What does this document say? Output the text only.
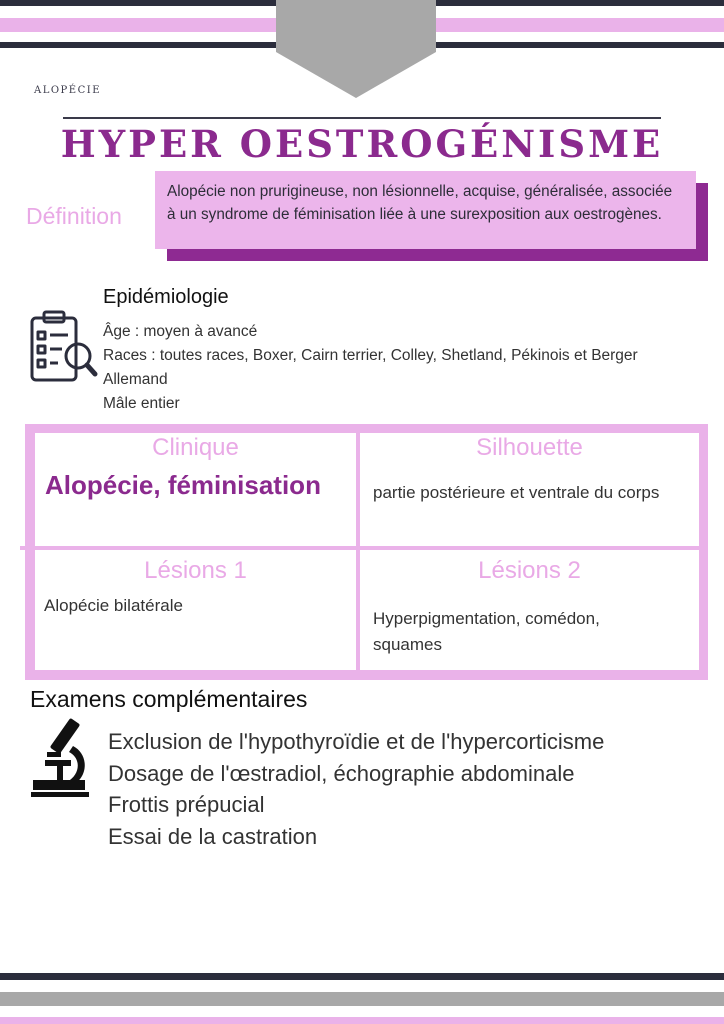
ALOPÉCIE
HYPER OESTROGÉNISME
Définition
Alopécie non prurigineuse, non lésionnelle, acquise, généralisée, associée à un syndrome de féminisation liée à une surexposition aux oestrogènes.
Epidémiologie
Âge : moyen à avancé
Races : toutes races, Boxer, Cairn terrier, Colley, Shetland, Pékinois et Berger Allemand
Mâle entier
Clinique
Alopécie, féminisation
Silhouette
partie postérieure et ventrale du corps
Lésions 1
Alopécie bilatérale
Lésions 2
Hyperpigmentation, comédon, squames
Examens complémentaires
Exclusion de l'hypothyroïdie et de l'hypercorticisme
Dosage de l'œstradiol, échographie abdominale
Frottis prépucial
Essai de la castration
